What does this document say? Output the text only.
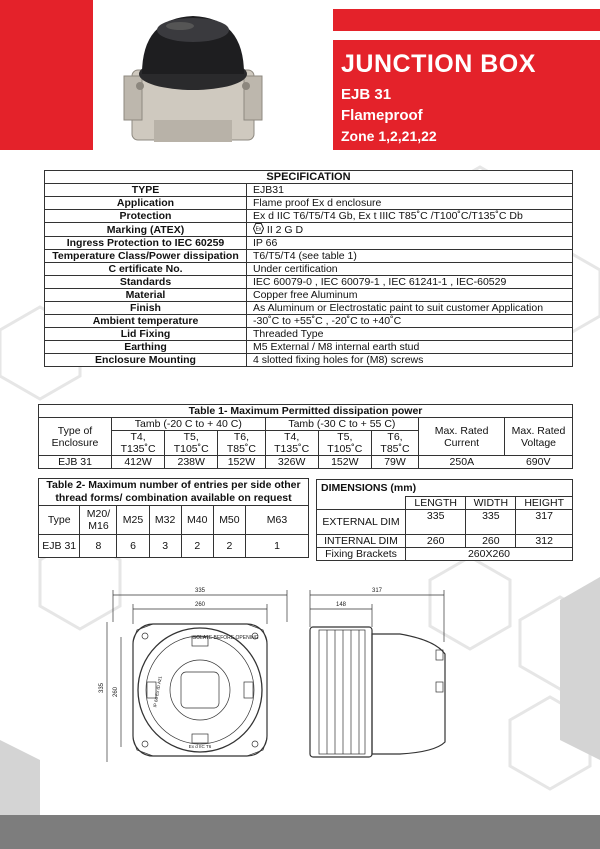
JUNCTION BOX
EJB 31
Flameproof
Zone 1,2,21,22
SPECIFICATION	
TYPE	EJB31
Application	Flame proof Ex d enclosure
Protection	Ex d IIC T6/T5/T4 Gb, Ex t IIIC T85˚C /T100˚C/T135˚C Db
Marking (ATEX)	Ex II 2 G D
Ingress Protection to IEC 60259	IP 66
Temperature Class/Power dissipation	T6/T5/T4 (see table 1)
C ertificate No.	Under certification
Standards	IEC 60079-0 , IEC 60079-1 , IEC 61241-1 , IEC-60529
Material	Copper free Aluminum
Finish	As Aluminum or Electrostatic paint to suit customer Application
Ambient temperature	-30˚C to +55˚C , -20˚C to +40˚C
Lid Fixing	Threaded Type
Earthing	M5 External / M8 internal earth stud
Enclosure Mounting	4 slotted fixing holes for (M8) screws
Table 1- Maximum Permitted dissipation power								
Type of Enclosure	Tamb (-20 C to + 40 C)			Tamb (-30 C to + 55 C)			Max. Rated Current	Max. Rated Voltage
	T4, T135˚C	T5, T105˚C	T6, T85˚C	T4, T135˚C	T5, T105˚C	T6, T85˚C		
EJB 31	412W	238W	152W	326W	152W	79W	250A	690V
Table 2- Maximum number of entries per side other thread forms/ combination available on request						
Type	M20/ M16	M25	M32	M40	M50	M63
EJB 31	8	6	3	2	2	1
DIMENSIONS (mm)			
	LENGTH	WIDTH	HEIGHT
EXTERNAL DIM	335	335	317
INTERNAL DIM	260	260	312
Fixing Brackets	260X260		
335
260
335 260
317
148
ISOLATE BEFORE OPENING
IP 66 Ex tD A21
Ex d IIC T6
